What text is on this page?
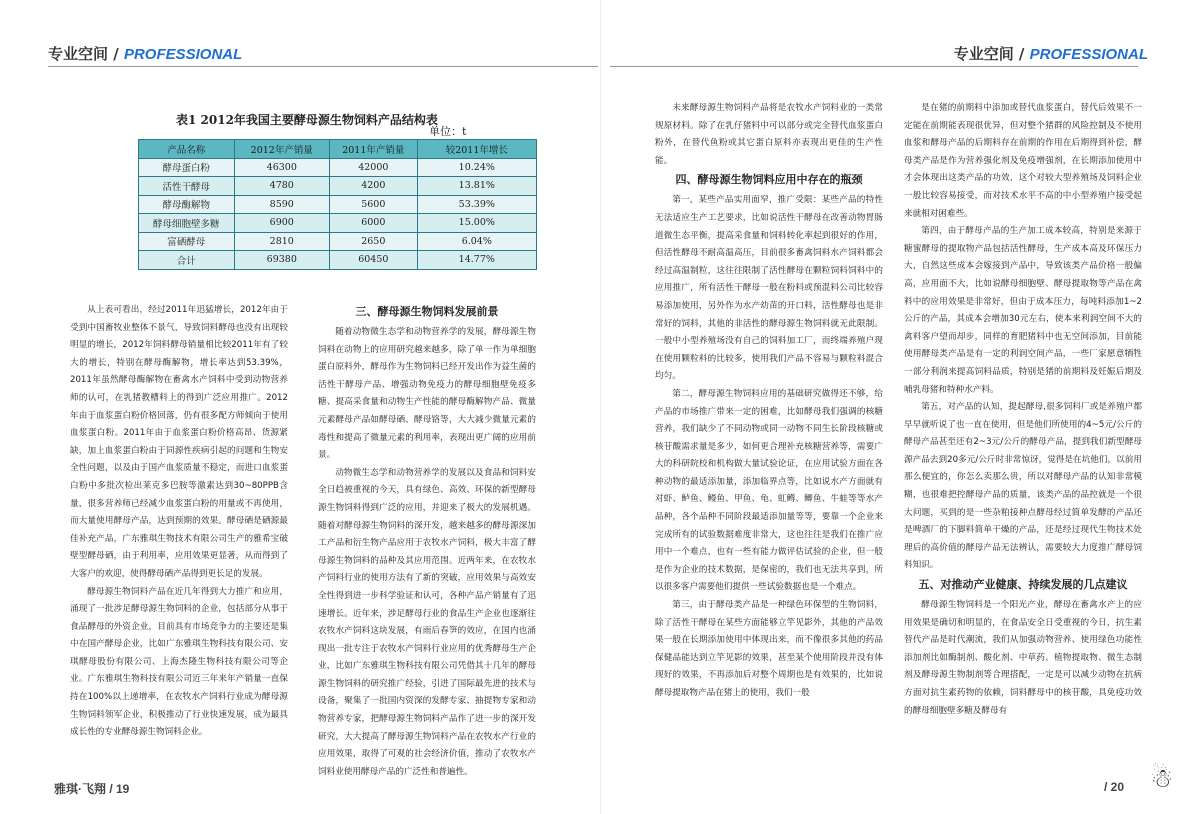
专业空间 / PROFESSIONAL	专业空间 / PROFESSIONAL
表1 2012年我国主要酵母源生物饲料产品结构表
单位：t
产品名称	2012年产销量	2011年产销量	较2011年增长
酵母蛋白粉	46300	42000	10.24%
活性干酵母	4780	4200	13.81%
酵母酶解物	8590	5600	53.39%
酵母细胞壁多糖	6900	6000	15.00%
富硒酵母	2810	2650	6.04%
合计	69380	60450	14.77%

从上表可看出，经过2011年迅猛增长，2012年由于受到中国畜牧业整体不景气，导致饲料酵母也没有出现较明显的增长，2012年饲料酵母销量相比较2011年有了较大的增长，特别在酵母酶解物，增长率达到53.39%，2011年虽然酵母酶解物在畜禽水产饲料中受到动物营养师的认可，在乳猪教槽料上的得到广泛应用推广。2012年由于血浆蛋白粉价格回落，仍有很多配方师倾向于使用血浆蛋白粉。2011年由于血浆蛋白粉价格高昂、货源紧缺，加上血浆蛋白粉由于同源性疾病引起的问题和生物安全性问题，以及由于国产血浆质量不稳定，而进口血浆蛋白粉中多批次检出莱克多巴胺等激素达到30~80PPB含量，很多营养师已经减少血浆蛋白粉的用量或不再使用，而大量使用酵母产品，达到预期的效果。酵母硒是硒源最佳补充产品，广东雅琪生物技术有限公司生产的雅希宝破壁型酵母硒，由于利用率，应用效果更显著，从而得到了大客户的欢迎，使得酵母硒产品得到更长足的发展。

酵母源生物饲料产品在近几年得到大力推广和应用，涌现了一批涉足酵母源生物饲料的企业，包括部分从事于食品酵母的外资企业，目前具有市场竞争力的主要还是集中在国产酵母企业，比如广东雅琪生物科技有限公司、安琪酵母股份有限公司、上海杰隆生物科技有限公司等企业。广东雅琪生物科技有限公司近三年来年产销量一直保持在100%以上递增率，在农牧水产饲料行业成为酵母源生物饲料领军企业，积极推动了行业快速发展，成为最具成长性的专业酵母源生物饲料企业。

三、酵母源生物饲料发展前景

随着动物微生态学和动物营养学的发展，酵母源生物饲料在动物上的应用研究越来越多，除了单一作为单细胞蛋白原料外，酵母作为生物饲料已经开发出作为益生菌的活性干酵母产品、增强动物免疫力的酵母细胞壁免疫多糖、提高采食量和动物生产性能的酵母酶解物产品、微量元素酵母产品如酵母硒、酵母铬等，大大减少微量元素的毒性和提高了微量元素的利用率，表现出更广阔的应用前景。

动物微生态学和动物营养学的发展以及食品和饲料安全日趋被重视的今天，具有绿色、高效、环保的新型酵母源生物饲料得到广泛的应用，并迎来了极大的发展机遇。随着对酵母源生物饲料的深开发，越来越多的酵母源深加工产品和衍生物产品应用于农牧水产饲料，极大丰富了酵母源生物饲料的品种及其应用范围。近两年来，在农牧水产饲料行业的使用方法有了新的突破，应用效果与高效安全性得到进一步科学验证和认可，各种产品产销量有了迅速增长。近年来，涉足酵母行业的食品生产企业也逐渐往农牧水产饲料这块发展，有雨后春笋的效应，在国内也涌现出一批专注于农牧水产饲料行业应用的优秀酵母生产企业，比如广东雅琪生物科技有限公司凭借其十几年的酵母源生物饲料的研究推广经验，引进了国际最先进的技术与设备，聚集了一批国内资深的发酵专家、抽提物专家和动物营养专家，把酵母源生物饲料产品作了进一步的深开发研究，大大提高了酵母源生物饲料产品在农牧水产行业的应用效果，取得了可观的社会经济价值，推动了农牧水产饲料业使用酵母产品的广泛性和普遍性。

未来酵母源生物饲料产品将是农牧水产饲料业的一类常规原材料。除了在乳仔猪料中可以部分或完全替代血浆蛋白粉外，在替代鱼粉或其它蛋白原料亦表现出更佳的生产性能。

四、酵母源生物饲料应用中存在的瓶颈

第一，某些产品实用面窄，推广受限：某些产品的特性无法适应生产工艺要求，比如说活性干酵母在改善动物胃肠道微生态平衡，提高采食量和饲料转化率起到很好的作用，但活性酵母不耐高温高压，目前很多畜禽饲料水产饲料都会经过高温制粒，这往往限制了活性酵母在颗粒饲料饲料中的应用推广，所有活性干酵母一般在粉料或预混料公司比较容易添加使用，另外作为水产幼苗的开口料，活性酵母也是非常好的饲料，其他的非活性的酵母源生物饲料就无此限制。一般中小型养殖场没有自己的饲料加工厂，而终端养殖户现在使用颗粒料的比较多，使用我们产品不容易与颗粒料混合均匀。

第二，酵母源生物饲料应用的基础研究做得还不够，给产品的市场推广带来一定的困难，比如酵母我们强调的核糖营养，我们缺少了不同动物或同一动物不同生长阶段核糖或核苷酸需求量是多少，如何更合理补充核糖营养等，需要广大的科研院校和机构做大量试验论证，在应用试验方面在各种动物的最适添加量，添加临界点等，比如说水产方面就有对虾、鲈鱼、鳗鱼、甲鱼、龟、虹鳟、鲫鱼、牛蛙等等水产品种，各个品种不同阶段最适添加量等等，要靠一个企业来完成所有的试验数据难度非常大，这也往往是我们在推广应用中一个难点，也有一些有能力做评估试验的企业，但一般是作为企业的技术数据，是保密的，我们也无法共享到，所以很多客户需要他们提供一些试验数据也是一个难点。

第三，由于酵母类产品是一种绿色环保型的生物饲料，除了活性干酵母在某些方面能够立竿见影外，其他的产品效果一般在长期添加使用中体现出来，而不像很多其他的药品保健品能达到立竿见影的效果，甚至某个使用阶段并没有体现好的效果，不再添加后对整个周期也是有效果的，比如说酵母提取物产品在猪上的使用，我们一般

是在猪的前期料中添加或替代血浆蛋白，替代后效果不一定能在前期能表现很优异，但对整个猪群的风险控制及不使用血浆和酵母产品的后期料存在前期的作用在后期得到补偿，酵母类产品是作为营养强化剂及免疫增强剂，在长期添加使用中才会体现出这类产品的功效，这个对较大型养殖场及饲料企业一般比较容易接受，而对技术水平不高的中小型养殖户接受起来就相对困难些。

第四，由于酵母产品的生产加工成本较高，特别是来源于糖蜜酵母的提取物产品包括活性酵母，生产成本高及环保压力大，自然这些成本会嫁接到产品中，导致该类产品价格一般偏高，应用面不大，比如说酵母细胞壁、酵母提取物等产品在禽料中的应用效果是非常好，但由于成本压力，每吨料添加1~2公斤的产品，其成本会增加30元左右，使本来利润空间不大的禽料客户望而却步，同样的育肥猪料中也无空间添加，目前能使用酵母类产品是有一定的利润空间产品，一些厂家愿意牺牲一部分利润来提高饲料品质，特别是猪的前期料及妊娠后期及哺乳母猪和特种水产料。

第五，对产品的认知，提起酵母,很多饲料厂或是养殖户都早早就听说了也一直在使用，但是他们所使用的4~5元/公斤的酵母产品甚至还有2~3元/公斤的酵母产品，提到我们新型酵母源产品去到20多元/公斤时非常惊讶，觉得是在坑他们，以前用那么便宜的，你怎么卖那么贵，所以对酵母产品的认知非常模糊，也很难把控酵母产品的质量，该类产品的品控就是一个很大问题，买到的是一些杂粕接种点酵母经过简单发酵的产品还是啤酒厂的下脚料简单干燥的产品，还是经过现代生物技术处理后的高价值的酵母产品无法辨认，需要较大力度推广酵母饲料知识。

五、对推动产业健康、持续发展的几点建议

酵母源生物饲料是一个阳光产业，酵母在畜禽水产上的应用效果是确切和明显的，在食品安全日受重视的今日，抗生素替代产品是时代潮流，我们从加强动物营养、使用绿色功能性添加剂比如酶制剂、酸化剂、中草药、植物提取物、微生态制剂及酵母源生物制剂等合理搭配，一定是可以减少动物在抗病方面对抗生素药物的依赖，饲料酵母中的核苷酸，具免疫功效的酵母细胞壁多糖及酵母有

雅琪·飞翔 / 19	/ 20 ☃
